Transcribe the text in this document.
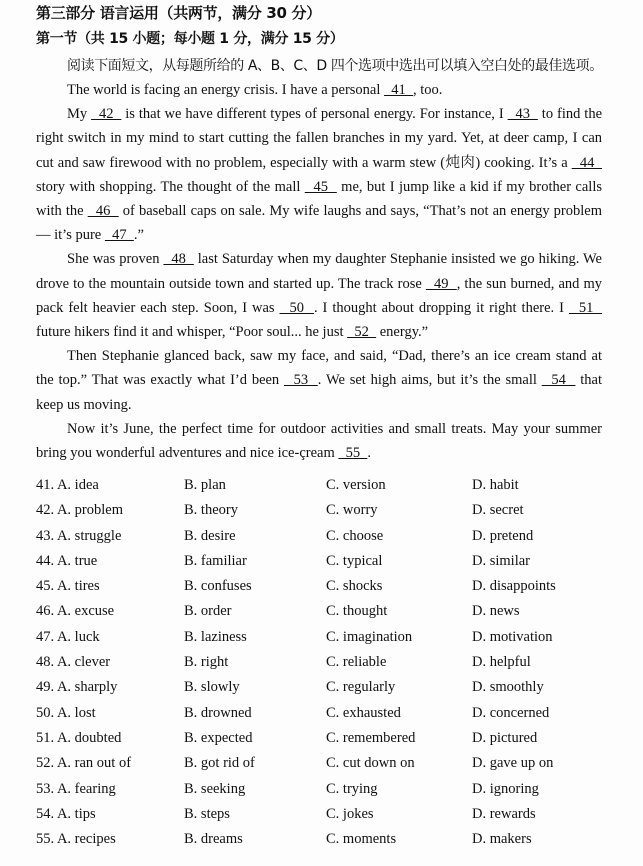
第三部分 语言运用（共两节，满分 30 分）
第一节（共 15 小题；每小题 1 分，满分 15 分）
阅读下面短文，从每题所给的 A、B、C、D 四个选项中选出可以填入空白处的最佳选项。

The world is facing an energy crisis. I have a personal   41  , too.

My   42   is that we have different types of personal energy. For instance, I   43   to find the right switch in my mind to start cutting the fallen branches in my yard. Yet, at deer camp, I can cut and saw firewood with no problem, especially with a warm stew (炖肉) cooking. It’s a   44   story with shopping. The thought of the mall   45   me, but I jump like a kid if my brother calls with the   46   of baseball caps on sale. My wife laughs and says, “That’s not an energy problem — it’s pure   47  .”

She was proven   48   last Saturday when my daughter Stephanie insisted we go hiking. We drove to the mountain outside town and started up. The track rose   49  , the sun burned, and my pack felt heavier each step. Soon, I was   50  . I thought about dropping it right there. I   51   future hikers find it and whisper, “Poor soul... he just   52   energy.”

Then Stephanie glanced back, saw my face, and said, “Dad, there’s an ice cream stand at the top.” That was exactly what I’d been   53  . We set high aims, but it’s the small   54   that keep us moving.

Now it’s June, the perfect time for outdoor activities and small treats. May your summer bring you wonderful adventures and nice ice-çream   55  .

41. A. idea	B. plan	C. version	D. habit
42. A. problem	B. theory	C. worry	D. secret
43. A. struggle	B. desire	C. choose	D. pretend
44. A. true	B. familiar	C. typical	D. similar
45. A. tires	B. confuses	C. shocks	D. disappoints
46. A. excuse	B. order	C. thought	D. news
47. A. luck	B. laziness	C. imagination	D. motivation
48. A. clever	B. right	C. reliable	D. helpful
49. A. sharply	B. slowly	C. regularly	D. smoothly
50. A. lost	B. drowned	C. exhausted	D. concerned
51. A. doubted	B. expected	C. remembered	D. pictured
52. A. ran out of	B. got rid of	C. cut down on	D. gave up on
53. A. fearing	B. seeking	C. trying	D. ignoring
54. A. tips	B. steps	C. jokes	D. rewards
55. A. recipes	B. dreams	C. moments	D. makers
